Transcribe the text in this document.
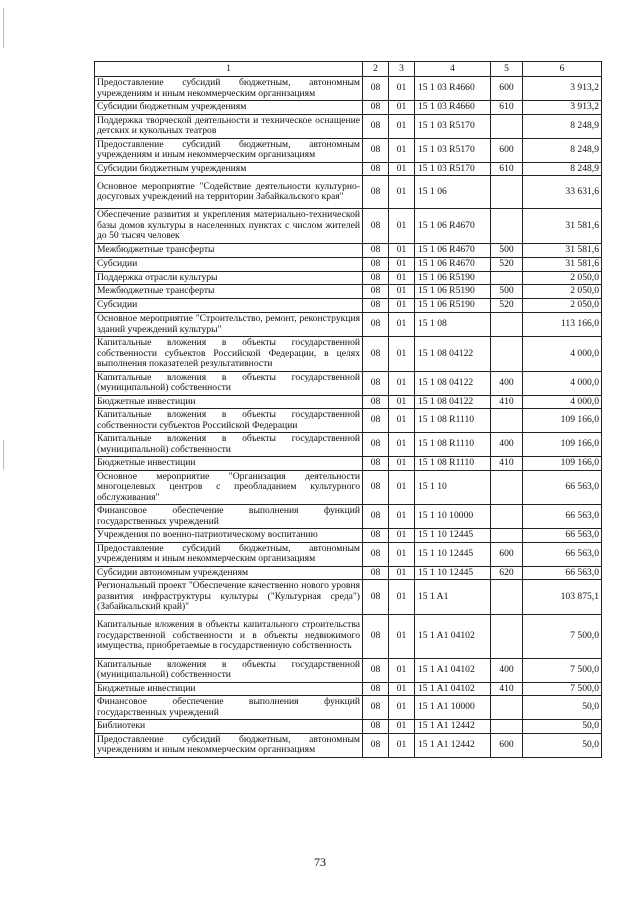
1	2	3	4	5	6
Предоставление субсидий бюджетным, автономным учреждениям и иным некоммерческим организациям	08	01	15 1 03 R4660	600	3 913,2
Субсидии бюджетным учреждениям	08	01	15 1 03 R4660	610	3 913,2
Поддержка творческой деятельности и техническое оснащение детских и кукольных театров	08	01	15 1 03 R5170		8 248,9
Предоставление субсидий бюджетным, автономным учреждениям и иным некоммерческим организациям	08	01	15 1 03 R5170	600	8 248,9
Субсидии бюджетным учреждениям	08	01	15 1 03 R5170	610	8 248,9
Основное мероприятие "Содействие деятельности культурно-досуговых учреждений на территории Забайкальского края"	08	01	15 1 06		33 631,6
Обеспечение развития и укрепления материально-технической базы домов культуры в населенных пунктах с числом жителей до 50 тысяч человек	08	01	15 1 06 R4670		31 581,6
Межбюджетные трансферты	08	01	15 1 06 R4670	500	31 581,6
Субсидии	08	01	15 1 06 R4670	520	31 581,6
Поддержка отрасли культуры	08	01	15 1 06 R5190		2 050,0
Межбюджетные трансферты	08	01	15 1 06 R5190	500	2 050,0
Субсидии	08	01	15 1 06 R5190	520	2 050,0
Основное мероприятие "Строительство, ремонт, реконструкция зданий учреждений культуры"	08	01	15 1 08		113 166,0
Капитальные вложения в объекты государственной собственности субъектов Российской Федерации, в целях выполнения показателей результативности	08	01	15 1 08 04122		4 000,0
Капитальные вложения в объекты государственной (муниципальной) собственности	08	01	15 1 08 04122	400	4 000,0
Бюджетные инвестиции	08	01	15 1 08 04122	410	4 000,0
Капитальные вложения в объекты государственной собственности субъектов Российской Федерации	08	01	15 1 08 R1110		109 166,0
Капитальные вложения в объекты государственной (муниципальной) собственности	08	01	15 1 08 R1110	400	109 166,0
Бюджетные инвестиции	08	01	15 1 08 R1110	410	109 166,0
Основное мероприятие "Организация деятельности многоцелевых центров с преобладанием культурного обслуживания"	08	01	15 1 10		66 563,0
Финансовое обеспечение выполнения функций государственных учреждений	08	01	15 1 10 10000		66 563,0
Учреждения по военно-патриотическому воспитанию	08	01	15 1 10 12445		66 563,0
Предоставление субсидий бюджетным, автономным учреждениям и иным некоммерческим организациям	08	01	15 1 10 12445	600	66 563,0
Субсидии автономным учреждениям	08	01	15 1 10 12445	620	66 563,0
Региональный проект "Обеспечение качественно нового уровня развития инфраструктуры культуры ("Культурная среда") (Забайкальский край)"	08	01	15 1 A1		103 875,1
Капитальные вложения в объекты капитального строительства государственной собственности и в объекты недвижимого имущества, приобретаемые в государственную собственность	08	01	15 1 A1 04102		7 500,0
Капитальные вложения в объекты государственной (муниципальной) собственности	08	01	15 1 A1 04102	400	7 500,0
Бюджетные инвестиции	08	01	15 1 A1 04102	410	7 500,0
Финансовое обеспечение выполнения функций государственных учреждений	08	01	15 1 A1 10000		50,0
Библиотеки	08	01	15 1 A1 12442		50,0
Предоставление субсидий бюджетным, автономным учреждениям и иным некоммерческим организациям	08	01	15 1 A1 12442	600	50,0
73
